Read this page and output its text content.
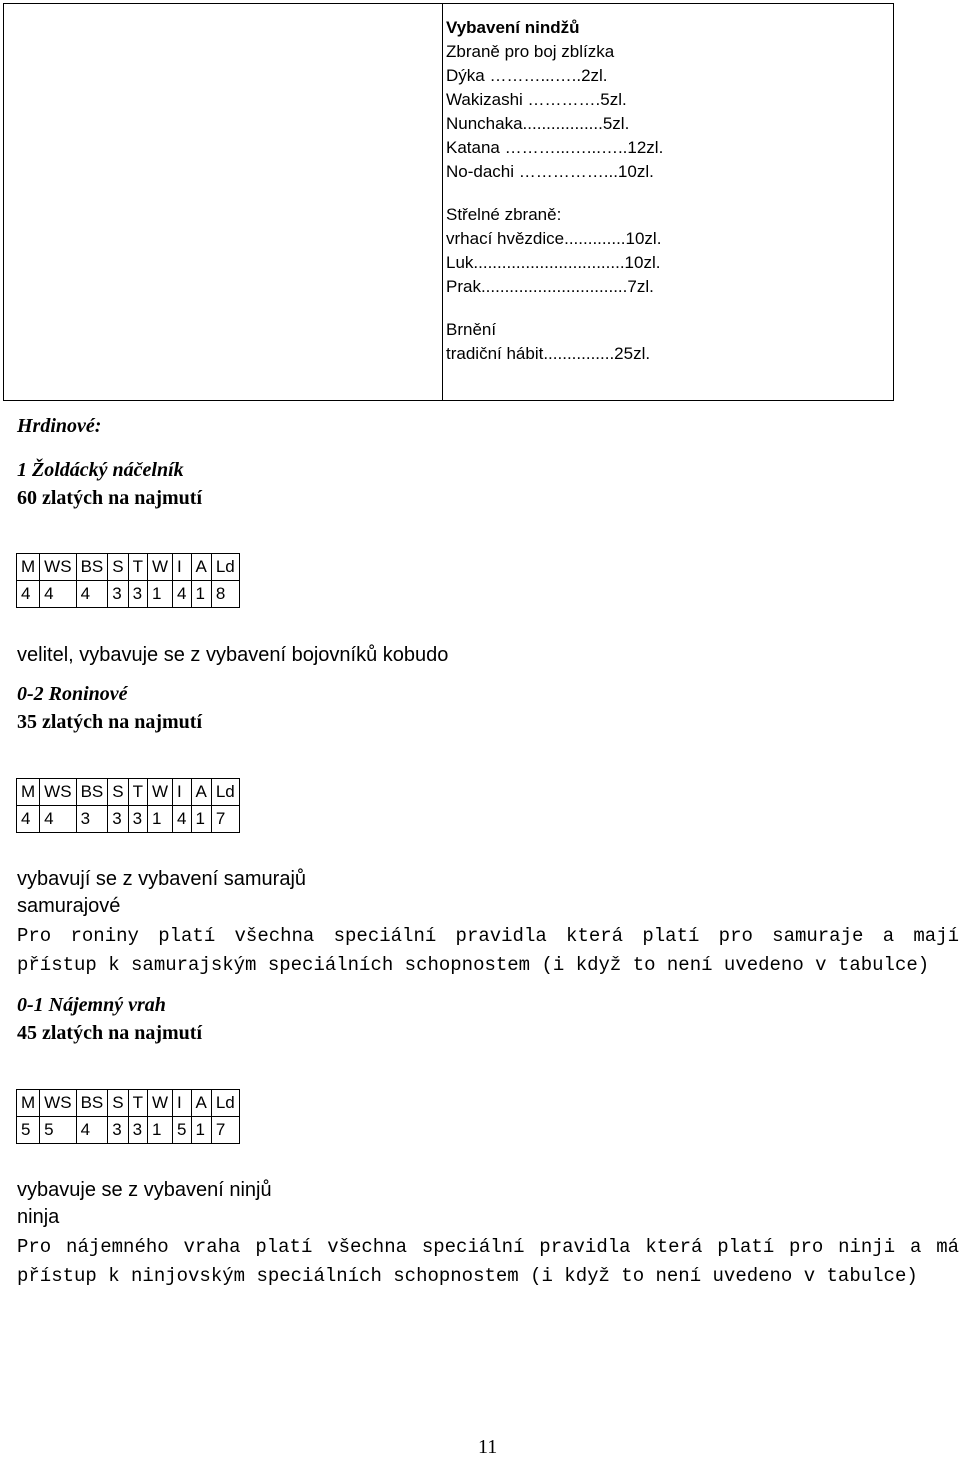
Vybavení nindžů
Zbraně pro boj zblízka
Dýka ………...…..2zl.
Wakizashi ………….5zl.
Nunchaka.................5zl.
Katana ………...…...…..12zl.
No-dachi ……………...10zl.
Střelné zbraně:
vrhací hvězdice.............10zl.
Luk................................10zl.
Prak...............................7zl.
Brnění
tradiční hábit...............25zl.
Hrdinové:
1 Žoldácký náčelník
60 zlatých na najmutí
M	WS	BS	S	T	W	I	A	Ld
4	4	4	3	3	1	4	1	8
velitel, vybavuje se z vybavení bojovníků kobudo
0-2 Roninové
35 zlatých na najmutí
M	WS	BS	S	T	W	I	A	Ld
4	4	3	3	3	1	4	1	7
vybavují se z vybavení samurajů
samurajové
Pro roniny platí všechna speciální pravidla která platí pro samuraje a mají přístup k samurajským speciálních schopnostem (i když to není uvedeno v tabulce)
0-1 Nájemný vrah
45 zlatých na najmutí
M	WS	BS	S	T	W	I	A	Ld
5	5	4	3	3	1	5	1	7
vybavuje se z vybavení ninjů
ninja
Pro nájemného vraha platí všechna speciální pravidla která platí pro ninji a má přístup k ninjovským speciálních schopnostem (i když to není uvedeno v tabulce)
11
